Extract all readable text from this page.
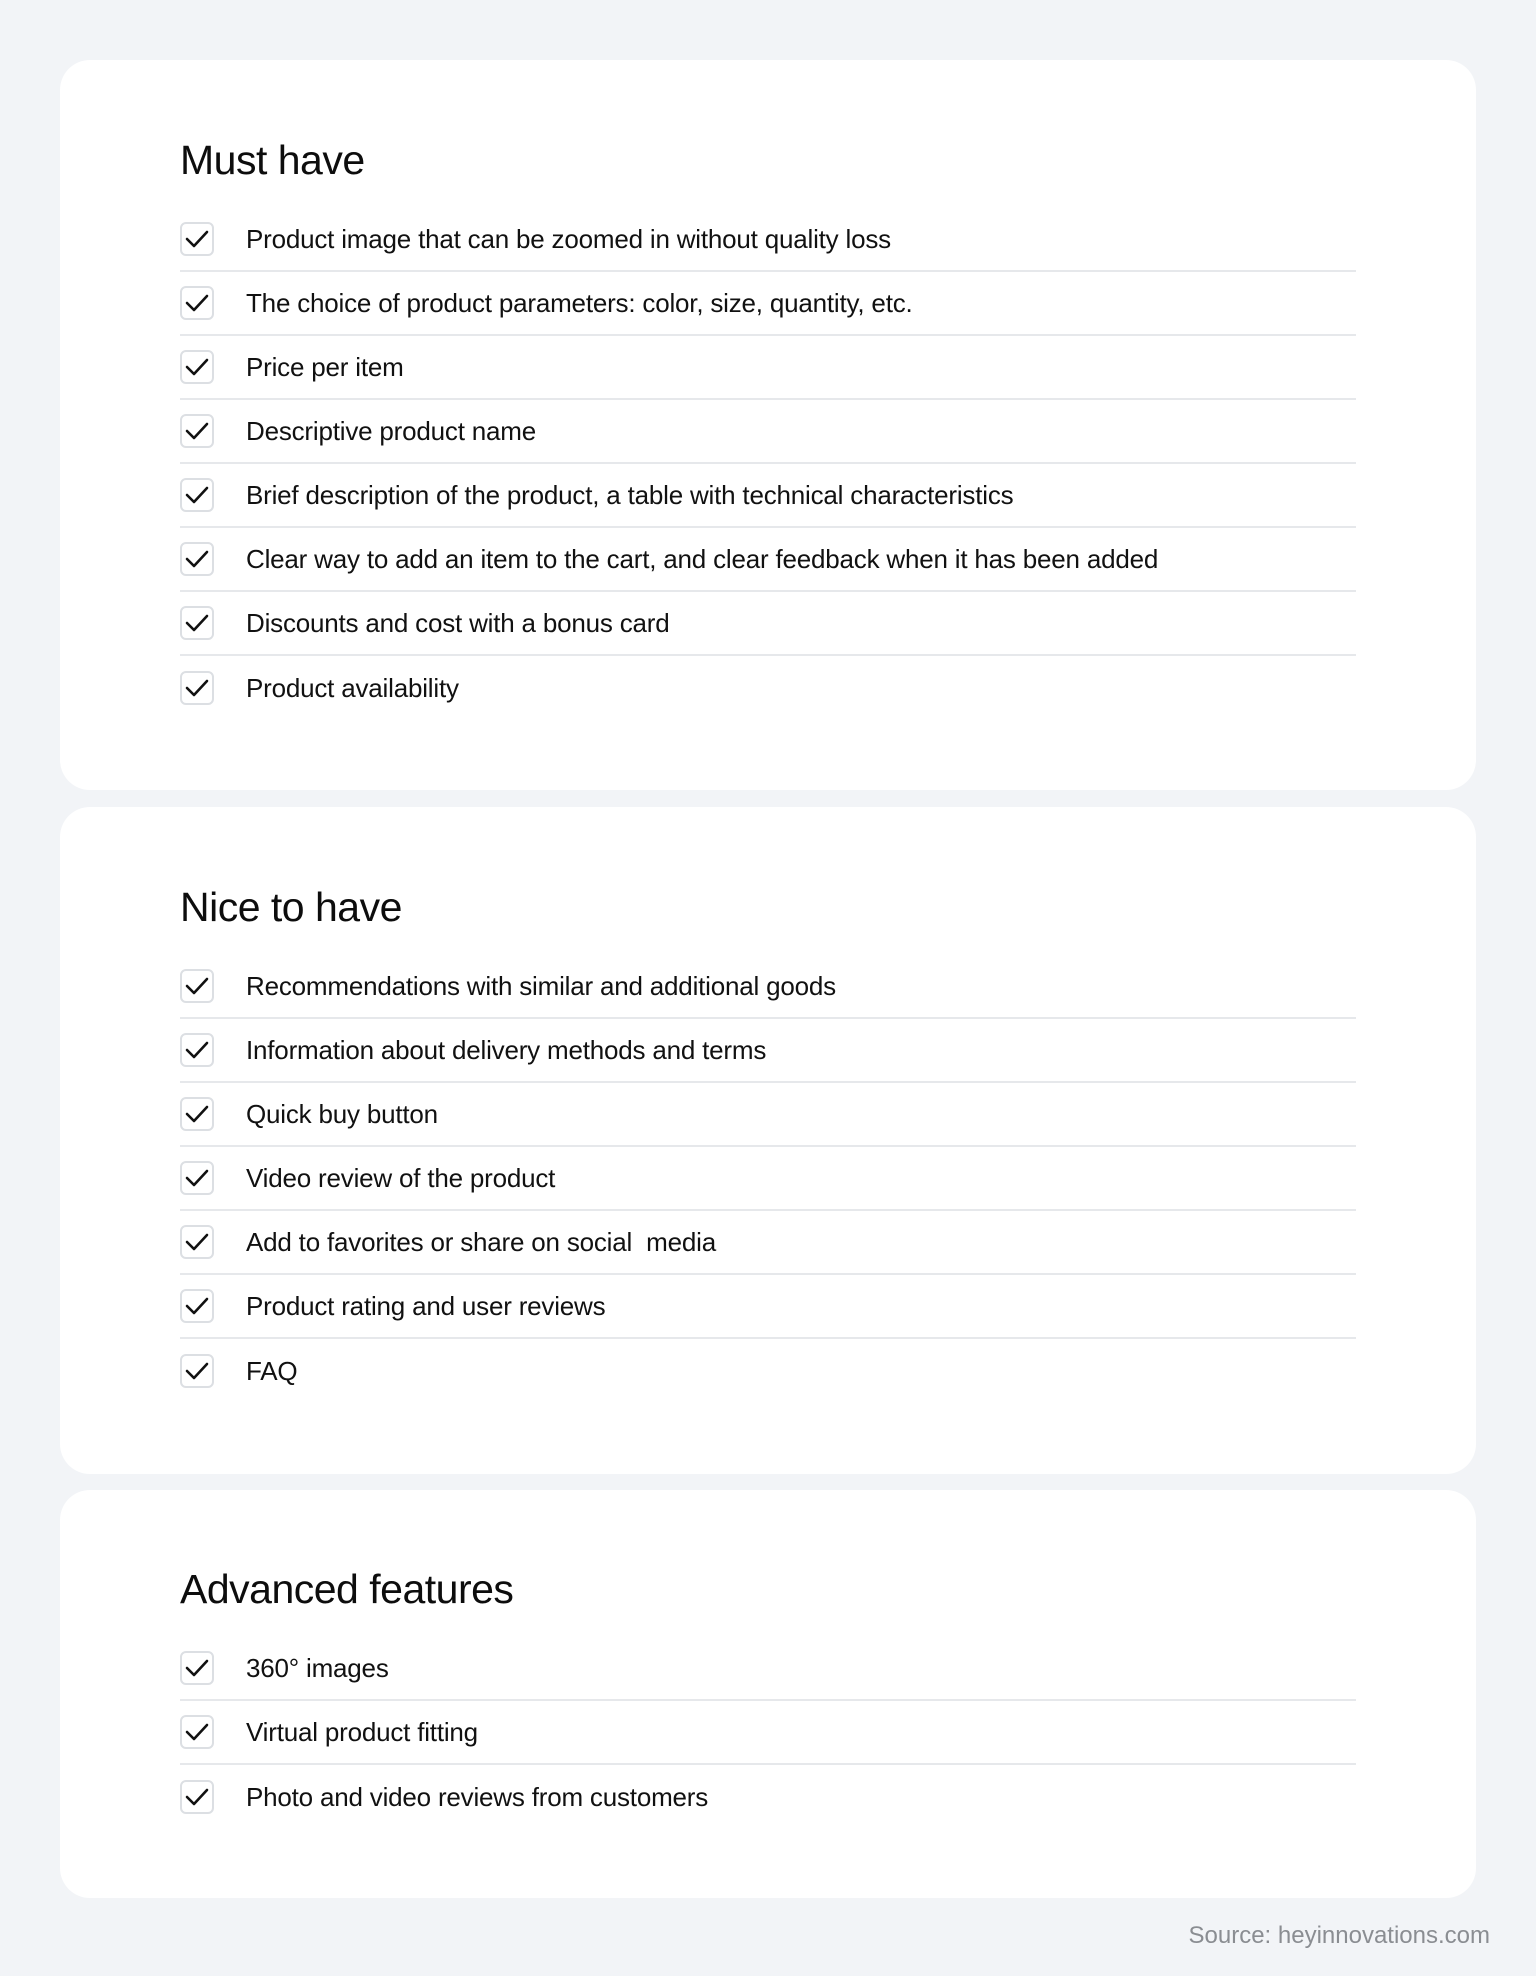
Must have
Product image that can be zoomed in without quality loss
The choice of product parameters: color, size, quantity, etc.
Price per item
Descriptive product name
Brief description of the product, a table with technical characteristics
Clear way to add an item to the cart, and clear feedback when it has been added
Discounts and cost with a bonus card
Product availability
Nice to have
Recommendations with similar and additional goods
Information about delivery methods and terms
Quick buy button
Video review of the product
Add to favorites or share on social  media
Product rating and user reviews
FAQ
Advanced features
360° images
Virtual product fitting
Photo and video reviews from customers
Source: heyinnovations.com
